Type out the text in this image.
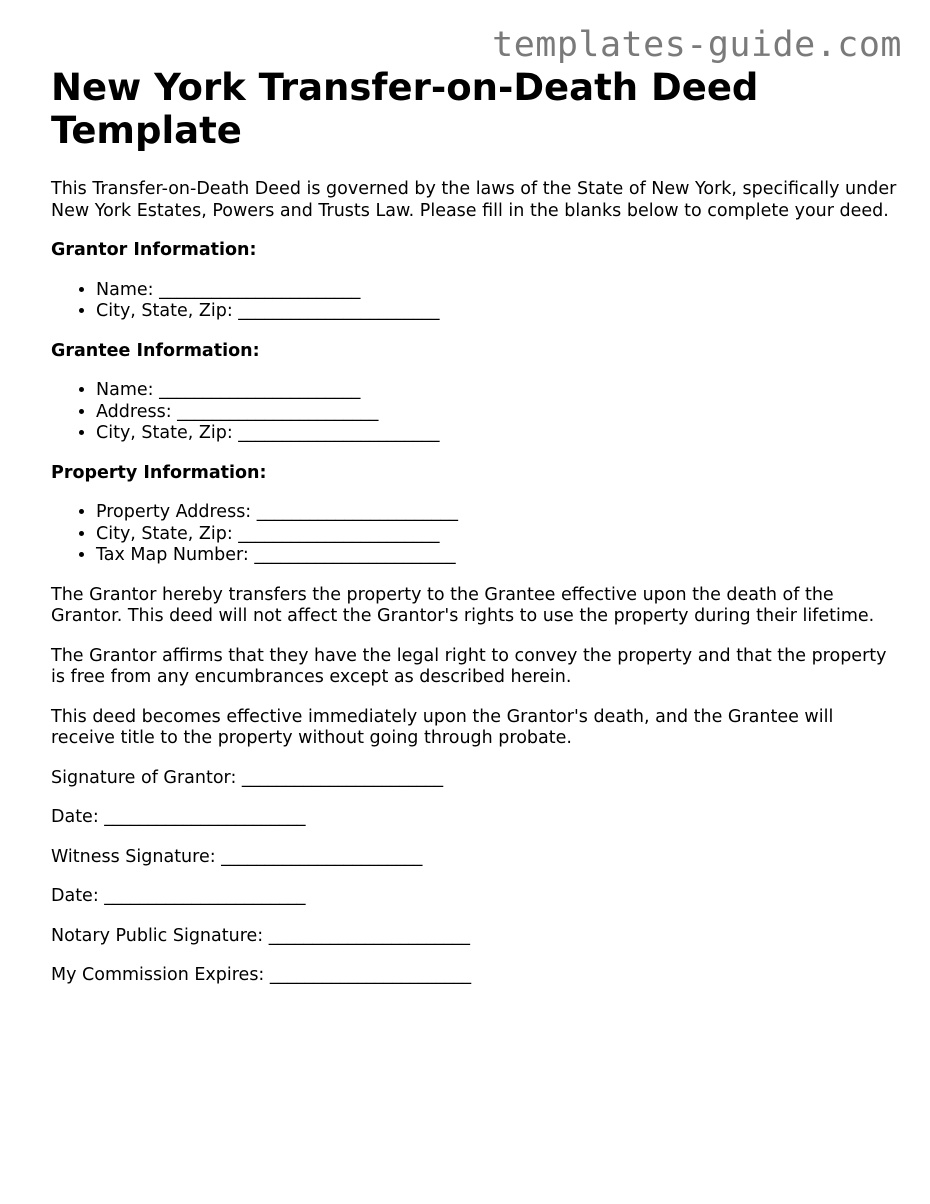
templates-guide.com
New York Transfer-on-Death Deed Template

This Transfer-on-Death Deed is governed by the laws of the State of New York, specifically under New York Estates, Powers and Trusts Law. Please fill in the blanks below to complete your deed.

Grantor Information:

• Name: _______________________
• City, State, Zip: _______________________

Grantee Information:

• Name: _______________________
• Address: _______________________
• City, State, Zip: _______________________

Property Information:

• Property Address: _______________________
• City, State, Zip: _______________________
• Tax Map Number: _______________________

The Grantor hereby transfers the property to the Grantee effective upon the death of the Grantor. This deed will not affect the Grantor's rights to use the property during their lifetime.

The Grantor affirms that they have the legal right to convey the property and that the property is free from any encumbrances except as described herein.

This deed becomes effective immediately upon the Grantor's death, and the Grantee will receive title to the property without going through probate.

Signature of Grantor: _______________________

Date: _______________________

Witness Signature: _______________________

Date: _______________________

Notary Public Signature: _______________________

My Commission Expires: _______________________
